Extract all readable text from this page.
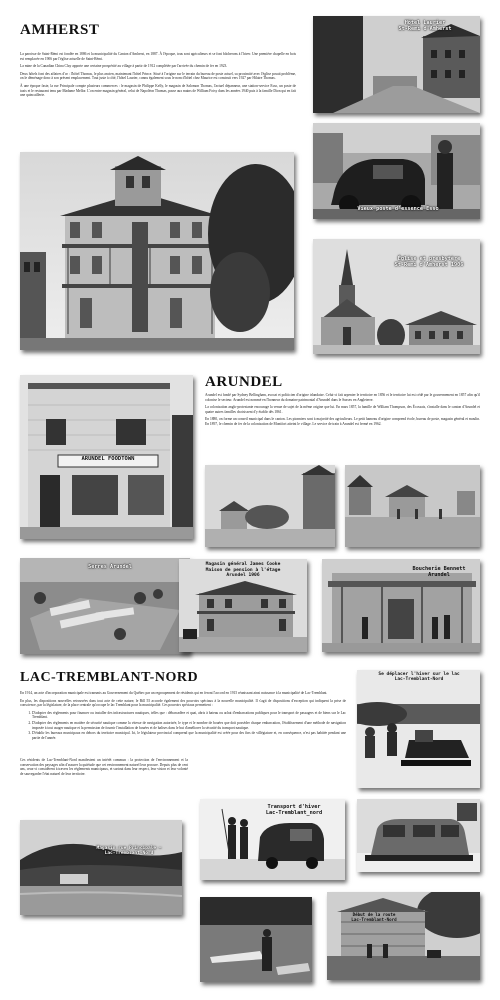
AMHERST

La paroisse de Saint-Rémi est fondée en 1886 et la municipalité du Canton d'Amherst, en 1887. À l'époque, tous sont agriculteurs et se font bûcherons à l'hiver. Une première chapelle en bois est remplacée en 1906 par l'église actuelle de Saint-Rémi.

La mine de la Canadian China Clay apporte une certaine prospérité au village à partir de 1912 complétée par l'arrivée du chemin de fer en 1923.

Deux hôtels font des affaires d'or : l'hôtel Thomas, le plus ancien, maintenant l'hôtel Prince. Situé à l'origine sur le terrain du bureau de poste actuel, sa proximité avec l'église posait problème, on le déménage donc à son présent emplacement. Tout juste à côté, l'hôtel Laurier, connu également sous le nom d'hôtel chez Maurice est construit vers 1927 par Hilaire Thomas.

À une époque faste, la rue Principale compte plusieurs commerces : le magasin de Philippe Kelly, le magasin de Salomon Thomas, l'actuel dépanneur, une station-service Esso, un poste de taxis et le restaurant tenu par Madame Mellor. L'on entre magasin général, celui de Napoléon Thomas, passe aux mains de William Foisy dans les années 1940 puis à la famille Dion qui en fait une quincaillerie.

Hôtel Laurier
St-Rémi d'Amherst
Vieux poste d'essence Esso
Église et presbytère
St-Rémi d'Amherst 1906
ARUNDEL FOODTOWN
ARUNDEL

Arundel est fondé par Sydney Bellingham, avocat et politicien d'origine irlandaise. Celui-ci fait arpenter le territoire en 1856 et le territoire lui est cédé par le gouvernement en 1857 afin qu'il colonise le secteur. Arundel est nommé en l'honneur du domaine patrimonial d'Arundel dans le Sussex en Angleterre.

La colonisation anglo-protestante encourage la venue de sujet de la même origine que lui. En mars 1857, la famille de William Thompson, des Écossais, s'installe dans le canton d'Arundel et quatre autres familles choisissent d'y établir dès 1861.

En 1880, on forme un conseil municipal dans le canton. Les pionniers sont à majorité des agriculteurs. Le petit hameau d'origine comprend école, bureau de poste, magasin général et moulin. En 1897, le chemin de fer de la colonisation de Montfort atteint le village. Le service de train à Arundel est fermé en 1962.

Serres Arundel	Magasin général James Cooke
Maison de pension à l'étage
Arundel 1906
Boucherie Bennett
Arundel
LAC-TREMBLANT-NORD

En 1914, un acte d'incorporation municipale est transmis au Gouvernement du Québec par un regroupement de résidents qui en feront l'accord en 1915 réunissant ainsi naissance à la municipalité de Lac-Tremblant.

En plus, les dispositions nouvelles retrouvées dans tout acte de cette nature, le Bill 55 accorde également des pouvoirs spéciaux à la nouvelle municipalité. Il s'agit de dispositions d'exception qui indiquent la prise de conscience, par la législature, de la place centrale qu'occupe le lac Tremblant pour la municipalité. Ces pouvoirs spéciaux permettent :

1. D'adopter des règlements pour financer ou installer des infrastructures nautiques, telles que : débarcadère et quai, abris à bateau ou achat d'embarcations publiques pour le transport de passagers et de biens sur le Lac Tremblant.
2. D'adopter des règlements en matière de sécurité nautique comme la vitesse de navigation autorisée, le type et le nombre de bouées que doit posséder chaque embarcation, l'établissement d'une méthode de navigation imposée à tout usager nautique et la permission de fournir l'installation de bouées et de balises dans le but d'améliorer la sécurité du transport nautique.
3. D'établir les bureaux municipaux en dehors du territoire municipal. Ici, le législateur provincial comprend que la municipalité est créée pour des fins de villégiature et, en conséquence, n'est pas habitée pendant une partie de l'année.

Ces résidents de Lac-Tremblant-Nord manifestent un intérêt commun : la protection de l'environnement et la conservation des paysages afin d'assurer la quiétude que cet environnement naturel leur procure. Depuis plus de cent ans, ceux-ci considèrent à travers les règlements municipaux, et surtout dans leur respect, leur vision et leur volonté de sauvegarder l'état naturel de leur territoire.

Se déplacer l'hiver sur le lac
Lac-Tremblant-Nord
Transport d'hiver
Lac-Tremblant_nord
Magasin rue Principale –
Lac-Tremblant-Nord
Début de la route
Lac-Tremblant-Nord
